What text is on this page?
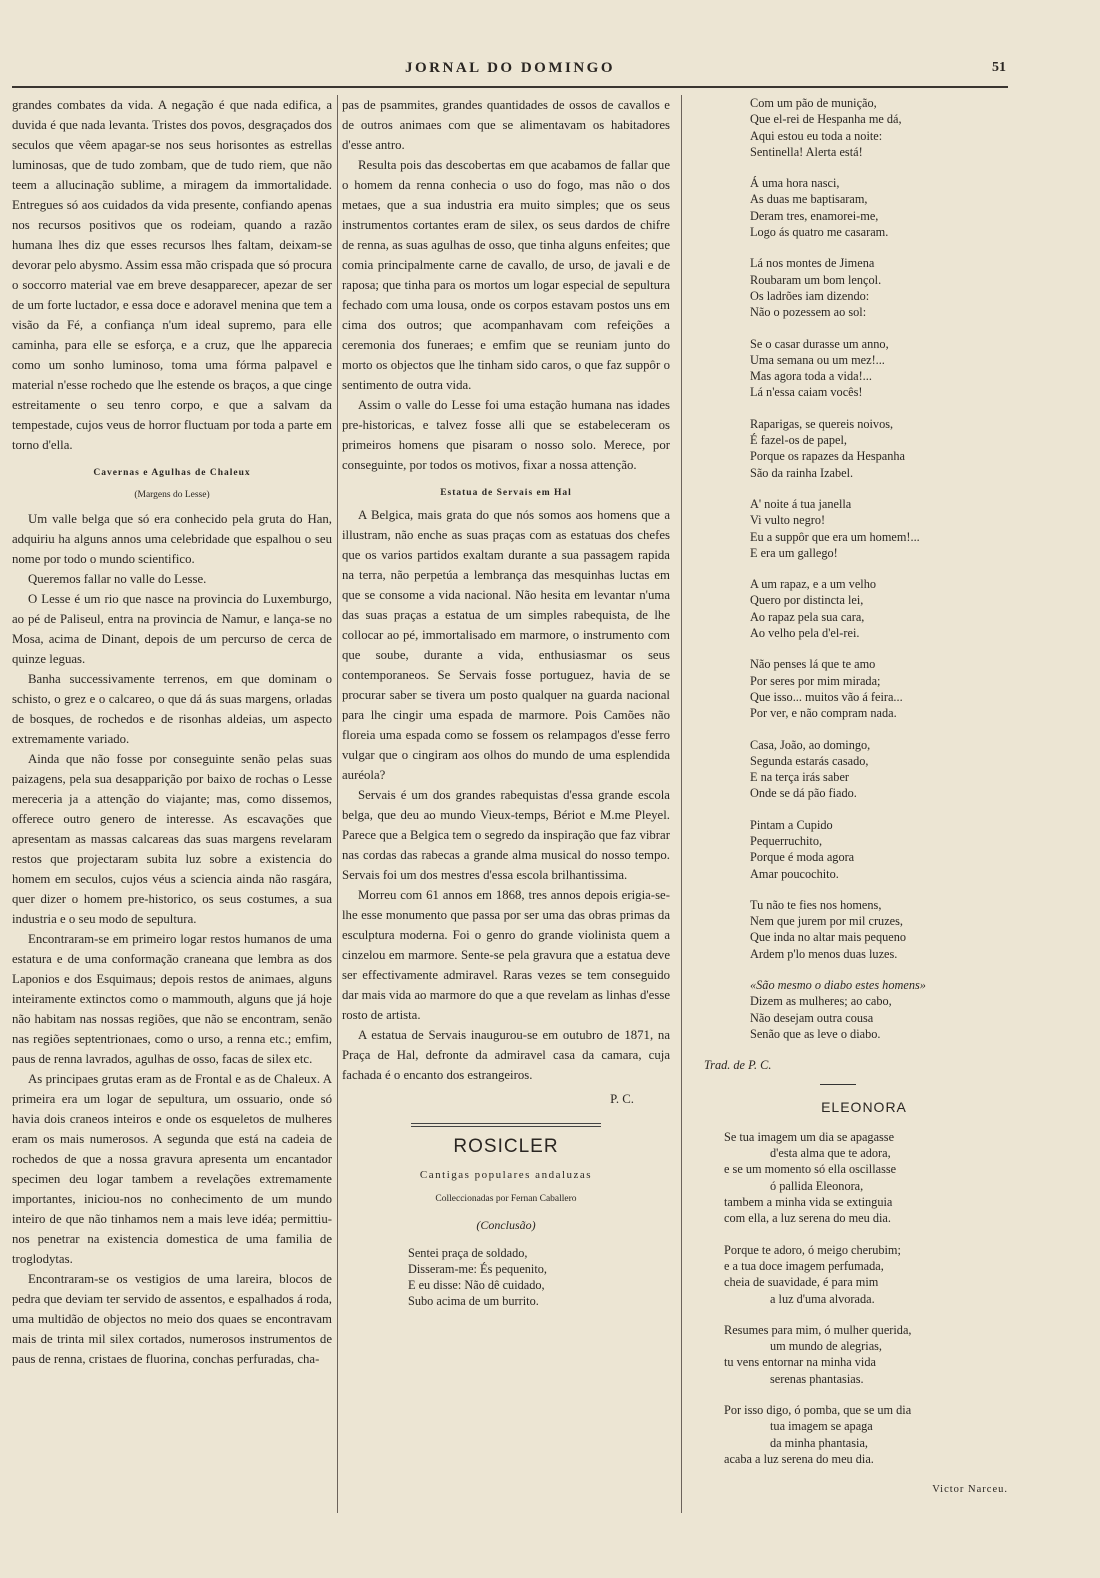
JORNAL DO DOMINGO	51

grandes combates da vida. A negação é que nada edifica, a duvida é que nada levanta. Tristes dos povos, desgraçados dos seculos que vêem apagar-se nos seus horisontes as estrellas luminosas, que de tudo zombam, que de tudo riem, que não teem a allucinação sublime, a miragem da immortalidade. Entregues só aos cuidados da vida presente, confiando apenas nos recursos positivos que os rodeiam, quando a razão humana lhes diz que esses recursos lhes faltam, deixam-se devorar pelo abysmo. Assim essa mão crispada que só procura o soccorro material vae em breve desapparecer, apezar de ser de um forte luctador, e essa doce e adoravel menina que tem a visão da Fé, a confiança n'um ideal supremo, para elle caminha, para elle se esforça, e a cruz, que lhe apparecia como um sonho luminoso, toma uma fórma palpavel e material n'esse rochedo que lhe estende os braços, a que cinge estreitamente o seu tenro corpo, e que a salvam da tempestade, cujos veus de horror fluctuam por toda a parte em torno d'ella.

Cavernas e Agulhas de Chaleux
(Margens do Lesse)

Um valle belga que só era conhecido pela gruta do Han, adquiriu ha alguns annos uma celebridade que espalhou o seu nome por todo o mundo scientifico.

Queremos fallar no valle do Lesse.

O Lesse é um rio que nasce na provincia do Luxemburgo, ao pé de Paliseul, entra na provincia de Namur, e lança-se no Mosa, acima de Dinant, depois de um percurso de cerca de quinze leguas.

Banha successivamente terrenos, em que dominam o schisto, o grez e o calcareo, o que dá ás suas margens, orladas de bosques, de rochedos e de risonhas aldeias, um aspecto extremamente variado.

Ainda que não fosse por conseguinte senão pelas suas paizagens, pela sua desapparição por baixo de rochas o Lesse mereceria ja a attenção do viajante; mas, como dissemos, offerece outro genero de interesse. As escavações que apresentam as massas calcareas das suas margens revelaram restos que projectaram subita luz sobre a existencia do homem em seculos, cujos véus a sciencia ainda não rasgára, quer dizer o homem pre-historico, os seus costumes, a sua industria e o seu modo de sepultura.

Encontraram-se em primeiro logar restos humanos de uma estatura e de uma conformação craneana que lembra as dos Laponios e dos Esquimaus; depois restos de animaes, alguns inteiramente extinctos como o mammouth, alguns que já hoje não habitam nas nossas regiões, que não se encontram, senão nas regiões septentrionaes, como o urso, a renna etc.; emfim, paus de renna lavrados, agulhas de osso, facas de silex etc.

As principaes grutas eram as de Frontal e as de Chaleux. A primeira era um logar de sepultura, um ossuario, onde só havia dois craneos inteiros e onde os esqueletos de mulheres eram os mais numerosos. A segunda que está na cadeia de rochedos de que a nossa gravura apresenta um encantador specimen deu logar tambem a revelações extremamente importantes, iniciou-nos no conhecimento de um mundo inteiro de que não tinhamos nem a mais leve idéa; permittiu-nos penetrar na existencia domestica de uma familia de troglodytas.

Encontraram-se os vestigios de uma lareira, blocos de pedra que deviam ter servido de assentos, e espalhados á roda, uma multidão de objectos no meio dos quaes se encontravam mais de trinta mil silex cortados, numerosos instrumentos de paus de renna, cristaes de fluorina, conchas perfuradas, cha-

pas de psammites, grandes quantidades de ossos de cavallos e de outros animaes com que se alimentavam os habitadores d'esse antro.

Resulta pois das descobertas em que acabamos de fallar que o homem da renna conhecia o uso do fogo, mas não o dos metaes, que a sua industria era muito simples; que os seus instrumentos cortantes eram de silex, os seus dardos de chifre de renna, as suas agulhas de osso, que tinha alguns enfeites; que comia principalmente carne de cavallo, de urso, de javali e de raposa; que tinha para os mortos um logar especial de sepultura fechado com uma lousa, onde os corpos estavam postos uns em cima dos outros; que acompanhavam com refeições a ceremonia dos funeraes; e emfim que se reuniam junto do morto os objectos que lhe tinham sido caros, o que faz suppôr o sentimento de outra vida.

Assim o valle do Lesse foi uma estação humana nas idades pre-historicas, e talvez fosse alli que se estabeleceram os primeiros homens que pisaram o nosso solo. Merece, por conseguinte, por todos os motivos, fixar a nossa attenção.

Estatua de Servais em Hal

A Belgica, mais grata do que nós somos aos homens que a illustram, não enche as suas praças com as estatuas dos chefes que os varios partidos exaltam durante a sua passagem rapida na terra, não perpetúa a lembrança das mesquinhas luctas em que se consome a vida nacional. Não hesita em levantar n'uma das suas praças a estatua de um simples rabequista, de lhe collocar ao pé, immortalisado em marmore, o instrumento com que soube, durante a vida, enthusiasmar os seus contemporaneos. Se Servais fosse portuguez, havia de se procurar saber se tivera um posto qualquer na guarda nacional para lhe cingir uma espada de marmore. Pois Camões não floreia uma espada como se fossem os relampagos d'esse ferro vulgar que o cingiram aos olhos do mundo de uma esplendida auréola?

Servais é um dos grandes rabequistas d'essa grande escola belga, que deu ao mundo Vieux-temps, Bériot e M.me Pleyel. Parece que a Belgica tem o segredo da inspiração que faz vibrar nas cordas das rabecas a grande alma musical do nosso tempo. Servais foi um dos mestres d'essa escola brilhantissima.

Morreu com 61 annos em 1868, tres annos depois erigia-se-lhe esse monumento que passa por ser uma das obras primas da esculptura moderna. Foi o genro do grande violinista quem a cinzelou em marmore. Sente-se pela gravura que a estatua deve ser effectivamente admiravel. Raras vezes se tem conseguido dar mais vida ao marmore do que a que revelam as linhas d'esse rosto de artista.

A estatua de Servais inaugurou-se em outubro de 1871, na Praça de Hal, defronte da admiravel casa da camara, cuja fachada é o encanto dos estrangeiros.

P. C.
ROSICLER
Cantigas populares andaluzas
Colleccionadas por Fernan Caballero
(Conclusão)
Sentei praça de soldado,
Disseram-me: És pequenito,
E eu disse: Não dê cuidado,
Subo acima de um burrito.
Com um pão de munição,
Que el-rei de Hespanha me dá,
Aqui estou eu toda a noite:
Sentinella! Alerta está!
Á uma hora nasci,
As duas me baptisaram,
Deram tres, enamorei-me,
Logo ás quatro me casaram.
Lá nos montes de Jimena
Roubaram um bom lençol.
Os ladrões iam dizendo:
Não o pozessem ao sol:
Se o casar durasse um anno,
Uma semana ou um mez!...
Mas agora toda a vida!...
Lá n'essa caiam vocês!
Raparigas, se quereis noivos,
É fazel-os de papel,
Porque os rapazes da Hespanha
São da rainha Izabel.
A' noite á tua janella
Vi vulto negro!
Eu a suppôr que era um homem!...
E era um gallego!
A um rapaz, e a um velho
Quero por distincta lei,
Ao rapaz pela sua cara,
Ao velho pela d'el-rei.
Não penses lá que te amo
Por seres por mim mirada;
Que isso... muitos vão á feira...
Por ver, e não compram nada.
Casa, João, ao domingo,
Segunda estarás casado,
E na terça irás saber
Onde se dá pão fiado.
Pintam a Cupido
Pequerruchito,
Porque é moda agora
Amar poucochito.
Tu não te fies nos homens,
Nem que jurem por mil cruzes,
Que inda no altar mais pequeno
Ardem p'lo menos duas luzes.
«São mesmo o diabo estes homens»
Dizem as mulheres; ao cabo,
Não desejam outra cousa
Senão que as leve o diabo.
Trad. de P. C.
ELEONORA
Se tua imagem um dia se apagasse
d'esta alma que te adora,
e se um momento só ella oscillasse
ó pallida Eleonora,
tambem a minha vida se extinguia
com ella, a luz serena do meu dia.
Porque te adoro, ó meigo cherubim;
e a tua doce imagem perfumada,
cheia de suavidade, é para mim
a luz d'uma alvorada.
Resumes para mim, ó mulher querida,
um mundo de alegrias,
tu vens entornar na minha vida
serenas phantasias.
Por isso digo, ó pomba, que se um dia
tua imagem se apaga
da minha phantasia,
acaba a luz serena do meu dia.
Victor Narceu.
